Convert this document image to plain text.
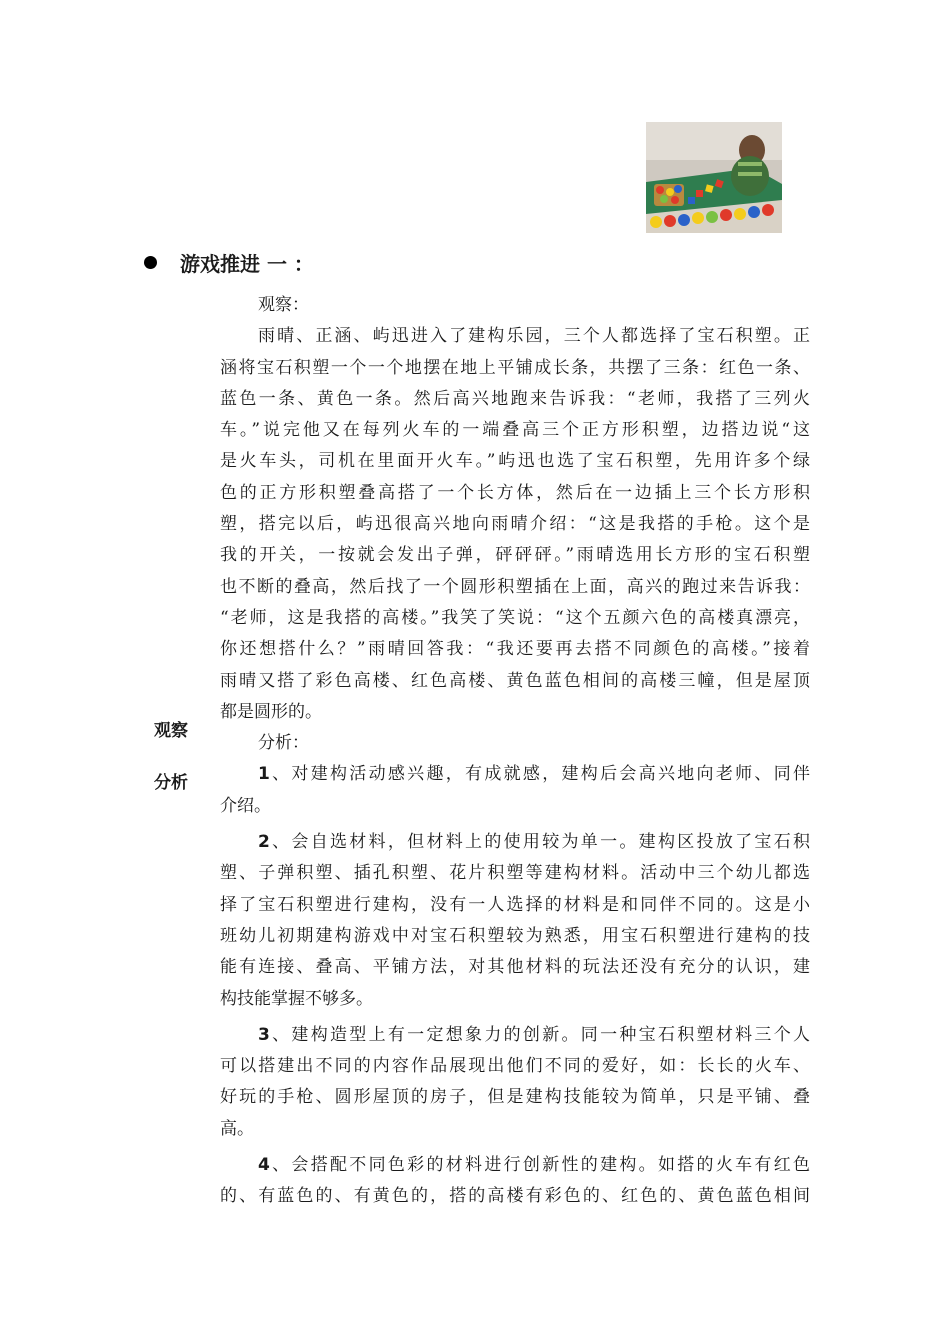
游戏推进 一 ：
观察
分析
观察：
雨晴、正涵、屿迅进入了建构乐园，三个人都选择了宝石积塑。正
涵将宝石积塑一个一个地摆在地上平铺成长条，共摆了三条：红色一条、
蓝色一条、黄色一条。然后高兴地跑来告诉我：“老师，我搭了三列火
车。”说完他又在每列火车的一端叠高三个正方形积塑，边搭边说“这
是火车头，司机在里面开火车。”屿迅也选了宝石积塑，先用许多个绿
色的正方形积塑叠高搭了一个长方体，然后在一边插上三个长方形积
塑，搭完以后，屿迅很高兴地向雨晴介绍：“这是我搭的手枪。这个是
我的开关，一按就会发出子弹，砰砰砰。”雨晴选用长方形的宝石积塑
也不断的叠高，然后找了一个圆形积塑插在上面，高兴的跑过来告诉我：
“老师，这是我搭的高楼。”我笑了笑说：“这个五颜六色的高楼真漂亮，
你还想搭什么？”雨晴回答我：“我还要再去搭不同颜色的高楼。”接着
雨晴又搭了彩色高楼、红色高楼、黄色蓝色相间的高楼三幢，但是屋顶
都是圆形的。
分析：
1、对建构活动感兴趣，有成就感，建构后会高兴地向老师、同伴
介绍。
2、会自选材料，但材料上的使用较为单一。建构区投放了宝石积
塑、子弹积塑、插孔积塑、花片积塑等建构材料。活动中三个幼儿都选
择了宝石积塑进行建构，没有一人选择的材料是和同伴不同的。这是小
班幼儿初期建构游戏中对宝石积塑较为熟悉，用宝石积塑进行建构的技
能有连接、叠高、平铺方法，对其他材料的玩法还没有充分的认识，建
构技能掌握不够多。
3、建构造型上有一定想象力的创新。同一种宝石积塑材料三个人
可以搭建出不同的内容作品展现出他们不同的爱好，如：长长的火车、
好玩的手枪、圆形屋顶的房子，但是建构技能较为简单，只是平铺、叠
高。
4、会搭配不同色彩的材料进行创新性的建构。如搭的火车有红色
的、有蓝色的、有黄色的，搭的高楼有彩色的、红色的、黄色蓝色相间
